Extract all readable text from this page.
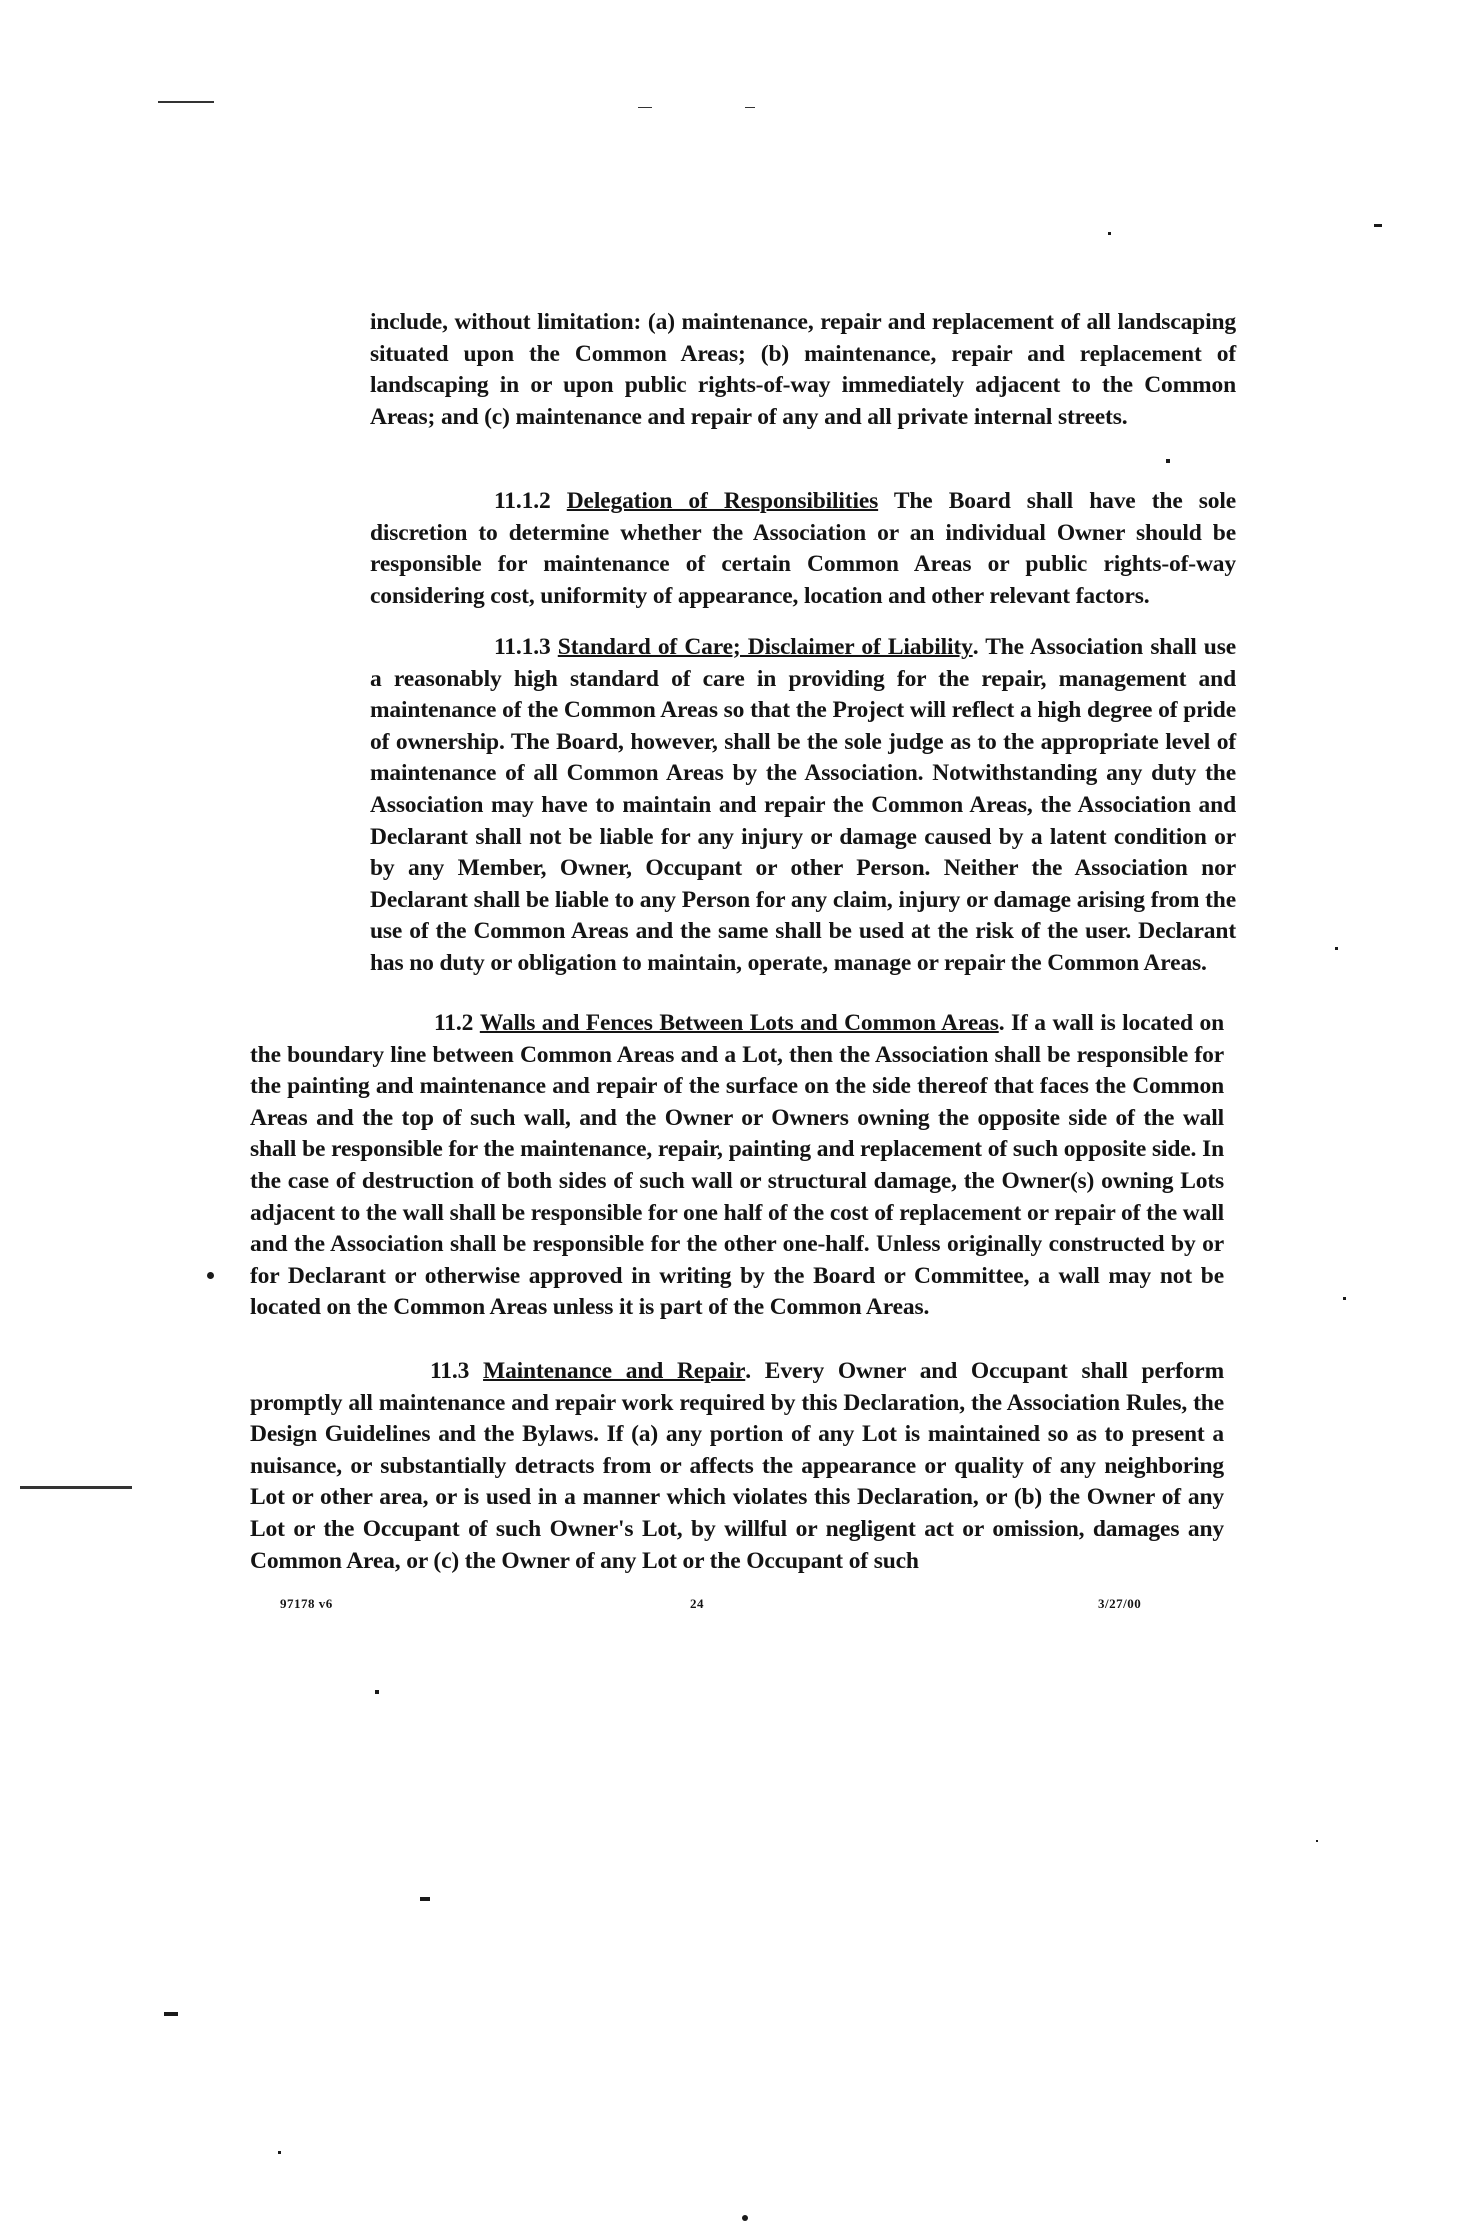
include, without limitation: (a) maintenance, repair and replacement of all landscaping situated upon the Common Areas; (b) maintenance, repair and replacement of landscaping in or upon public rights-of-way immediately adjacent to the Common Areas; and (c) maintenance and repair of any and all private internal streets.

11.1.2 Delegation of Responsibilities The Board shall have the sole discretion to determine whether the Association or an individual Owner should be responsible for maintenance of certain Common Areas or public rights-of-way considering cost, uniformity of appearance, location and other relevant factors.

11.1.3 Standard of Care; Disclaimer of Liability. The Association shall use a reasonably high standard of care in providing for the repair, management and maintenance of the Common Areas so that the Project will reflect a high degree of pride of ownership. The Board, however, shall be the sole judge as to the appropriate level of maintenance of all Common Areas by the Association. Notwithstanding any duty the Association may have to maintain and repair the Common Areas, the Association and Declarant shall not be liable for any injury or damage caused by a latent condition or by any Member, Owner, Occupant or other Person. Neither the Association nor Declarant shall be liable to any Person for any claim, injury or damage arising from the use of the Common Areas and the same shall be used at the risk of the user. Declarant has no duty or obligation to maintain, operate, manage or repair the Common Areas.

11.2 Walls and Fences Between Lots and Common Areas. If a wall is located on the boundary line between Common Areas and a Lot, then the Association shall be responsible for the painting and maintenance and repair of the surface on the side thereof that faces the Common Areas and the top of such wall, and the Owner or Owners owning the opposite side of the wall shall be responsible for the maintenance, repair, painting and replacement of such opposite side. In the case of destruction of both sides of such wall or structural damage, the Owner(s) owning Lots adjacent to the wall shall be responsible for one half of the cost of replacement or repair of the wall and the Association shall be responsible for the other one-half. Unless originally constructed by or for Declarant or otherwise approved in writing by the Board or Committee, a wall may not be located on the Common Areas unless it is part of the Common Areas.

11.3 Maintenance and Repair. Every Owner and Occupant shall perform promptly all maintenance and repair work required by this Declaration, the Association Rules, the Design Guidelines and the Bylaws. If (a) any portion of any Lot is maintained so as to present a nuisance, or substantially detracts from or affects the appearance or quality of any neighboring Lot or other area, or is used in a manner which violates this Declaration, or (b) the Owner of any Lot or the Occupant of such Owner's Lot, by willful or negligent act or omission, damages any Common Area, or (c) the Owner of any Lot or the Occupant of such

97178 v6	24	3/27/00
